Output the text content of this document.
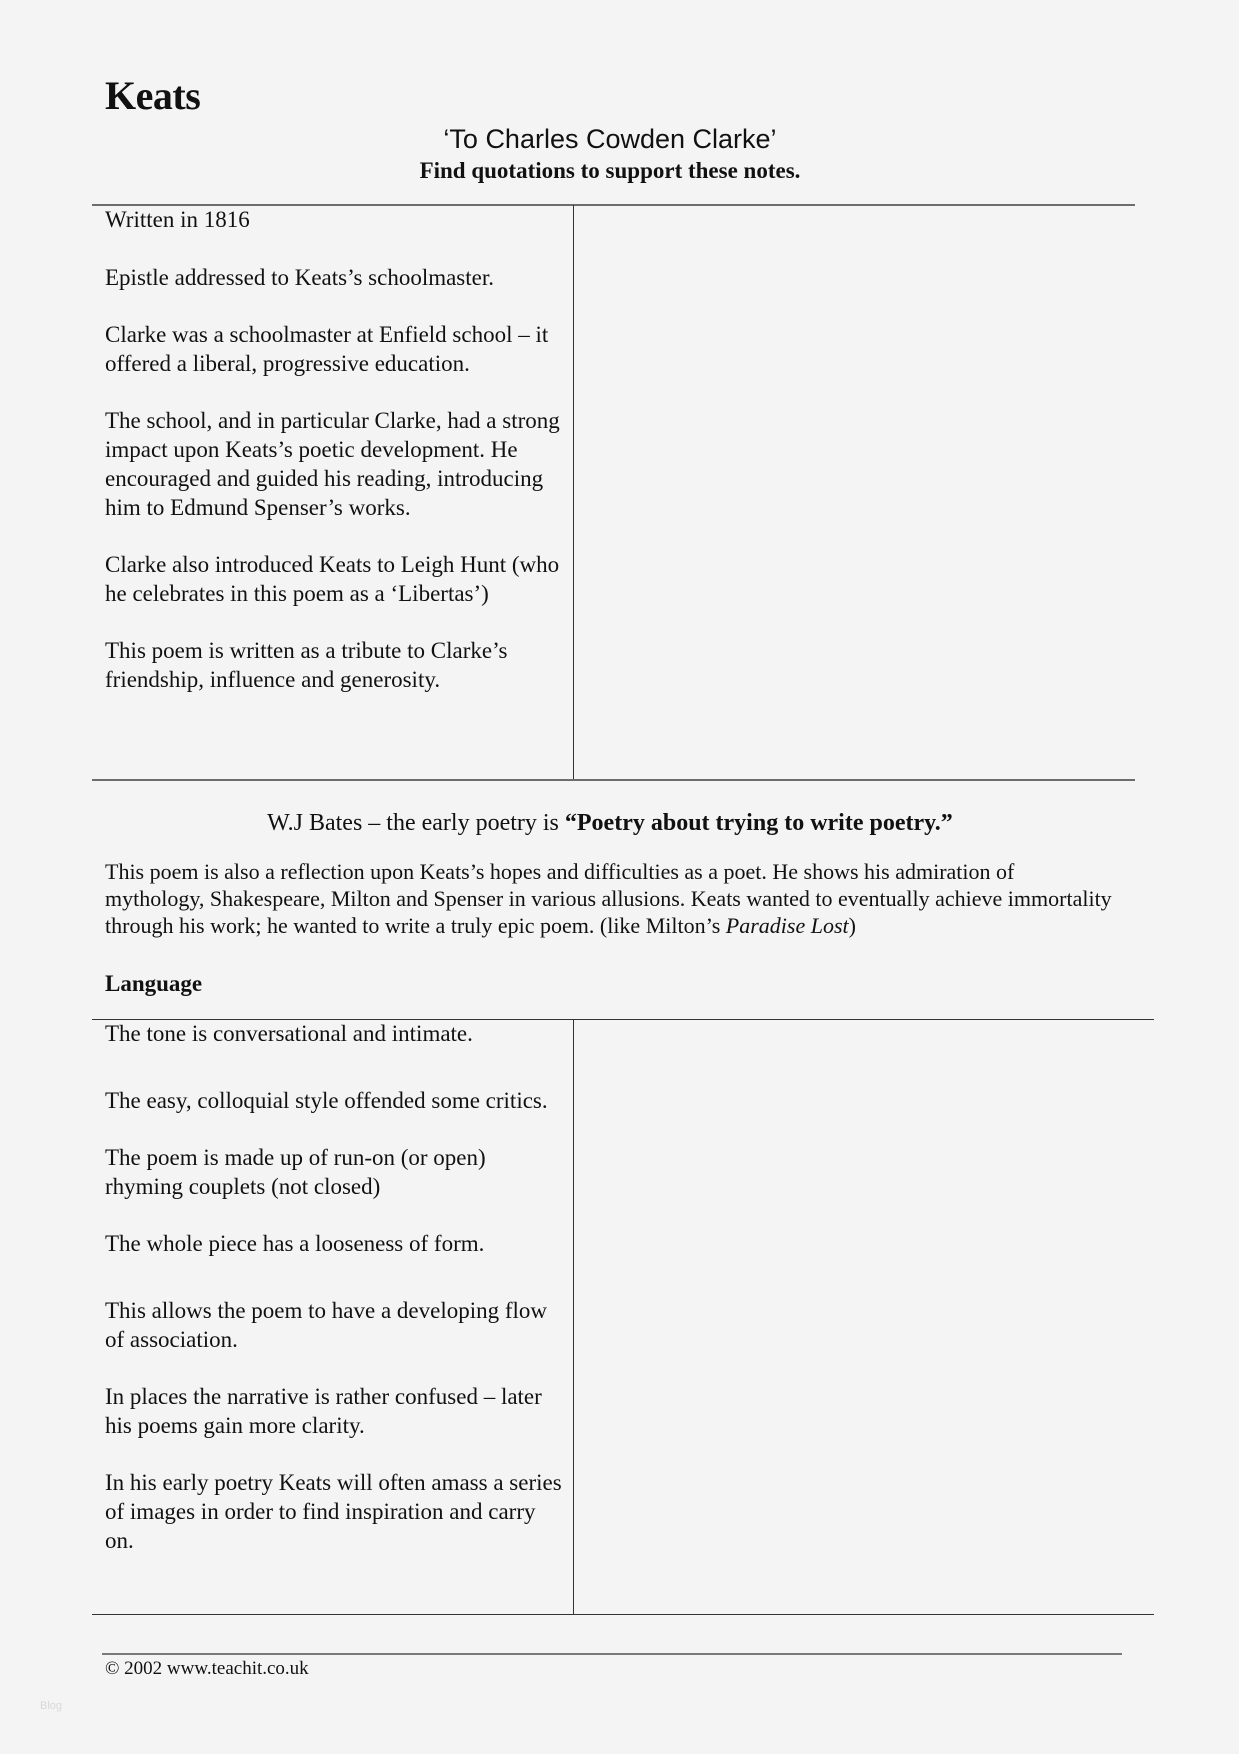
Keats
‘To Charles Cowden Clarke’
Find quotations to support these notes.

Written in 1816

Epistle addressed to Keats’s schoolmaster.

Clarke was a schoolmaster at Enfield school – it offered a liberal, progressive education.

The school, and in particular Clarke, had a strong impact upon Keats’s poetic development. He encouraged and guided his reading, introducing him to Edmund Spenser’s works.

Clarke also introduced Keats to Leigh Hunt (who he celebrates in this poem as a ‘Libertas’)

This poem is written as a tribute to Clarke’s friendship, influence and generosity.

W.J Bates – the early poetry is “Poetry about trying to write poetry.”
This poem is also a reflection upon Keats’s hopes and difficulties as a poet. He shows his admiration of mythology, Shakespeare, Milton and Spenser in various allusions. Keats wanted to eventually achieve immortality through his work; he wanted to write a truly epic poem. (like Milton’s Paradise Lost)
Language

The tone is conversational and intimate.

The easy, colloquial style offended some critics.

The poem is made up of run-on (or open) rhyming couplets (not closed)

The whole piece has a looseness of form.

This allows the poem to have a developing flow of association.

In places the narrative is rather confused – later his poems gain more clarity.

In his early poetry Keats will often amass a series of images in order to find inspiration and carry on.

© 2002 www.teachit.co.uk
Blog
